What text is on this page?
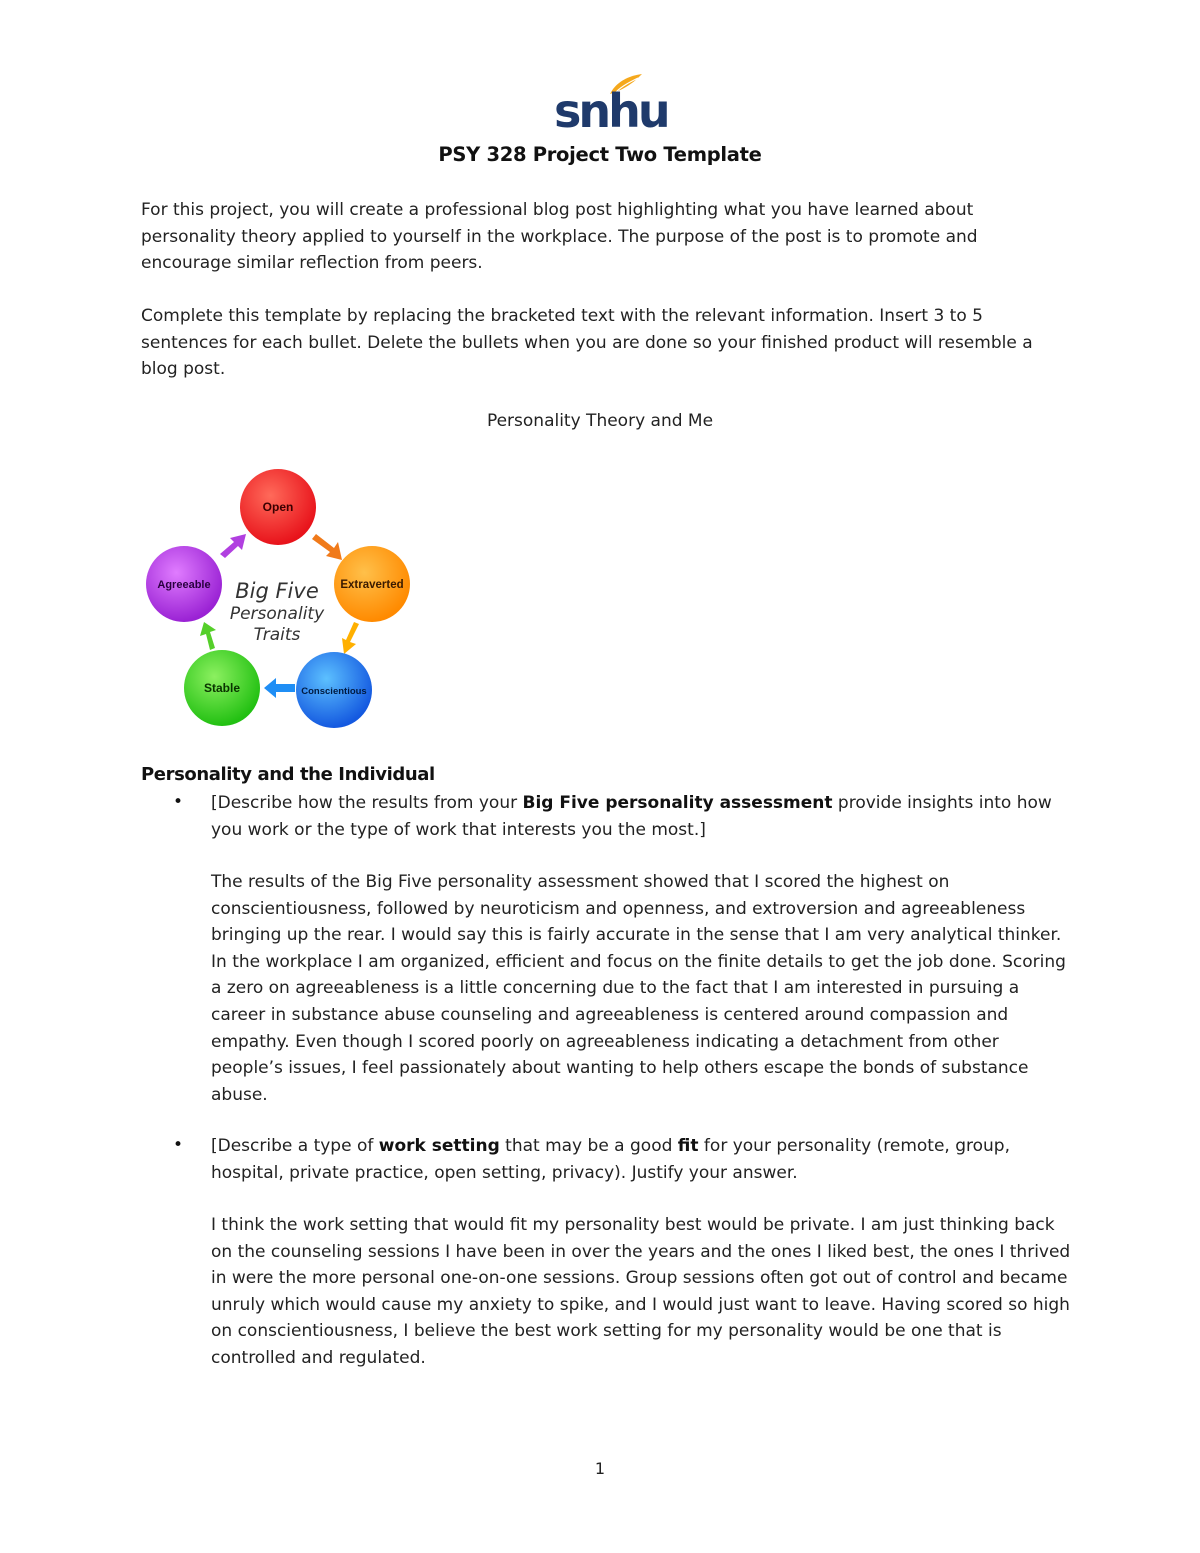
snhu
PSY 328 Project Two Template

For this project, you will create a professional blog post highlighting what you have learned about personality theory applied to yourself in the workplace. The purpose of the post is to promote and encourage similar reflection from peers.

Complete this template by replacing the bracketed text with the relevant information. Insert 3 to 5 sentences for each bullet. Delete the bullets when you are done so your finished product will resemble a blog post.

Personality Theory and Me
Open
Extraverted
Conscientious
Stable
Agreeable Big Five
Personality
Traits
Personality and the Individual
• [Describe how the results from your Big Five personality assessment provide insights into how you work or the type of work that interests you the most.]

The results of the Big Five personality assessment showed that I scored the highest on conscientiousness, followed by neuroticism and openness, and extroversion and agreeableness bringing up the rear. I would say this is fairly accurate in the sense that I am very analytical thinker. In the workplace I am organized, efficient and focus on the finite details to get the job done. Scoring a zero on agreeableness is a little concerning due to the fact that I am interested in pursuing a career in substance abuse counseling and agreeableness is centered around compassion and empathy. Even though I scored poorly on agreeableness indicating a detachment from other people’s issues, I feel passionately about wanting to help others escape the bonds of substance abuse.

• [Describe a type of work setting that may be a good fit for your personality (remote, group, hospital, private practice, open setting, privacy). Justify your answer.

I think the work setting that would fit my personality best would be private. I am just thinking back on the counseling sessions I have been in over the years and the ones I liked best, the ones I thrived in were the more personal one-on-one sessions. Group sessions often got out of control and became unruly which would cause my anxiety to spike, and I would just want to leave. Having scored so high on conscientiousness, I believe the best work setting for my personality would be one that is controlled and regulated.

1
